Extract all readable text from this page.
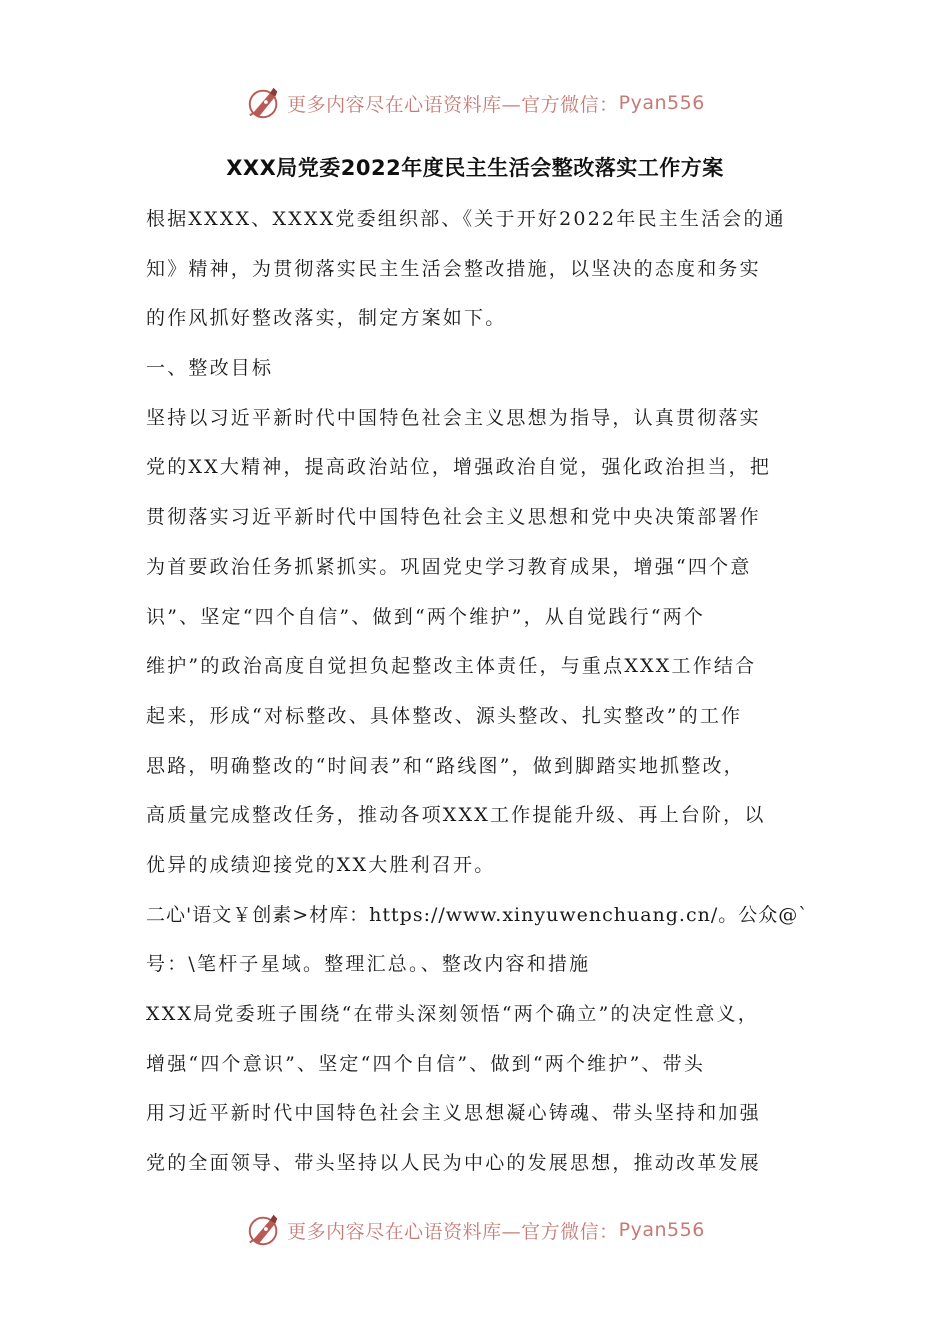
更多内容尽在心语资料库—官方微信： Pyan556
XXX局党委2022年度民主生活会整改落实工作方案
根据XXXX、XXXX党委组织部、《关于开好2022年民主生活会的通
知》精神，为贯彻落实民主生活会整改措施，以坚决的态度和务实
的作风抓好整改落实，制定方案如下。
一、整改目标
坚持以习近平新时代中国特色社会主义思想为指导，认真贯彻落实
党的XX大精神，提高政治站位，增强政治自觉，强化政治担当，把
贯彻落实习近平新时代中国特色社会主义思想和党中央决策部署作
为首要政治任务抓紧抓实。巩固党史学习教育成果，增强“四个意
识”、坚定“四个自信”、做到“两个维护”，从自觉践行“两个
维护”的政治高度自觉担负起整改主体责任，与重点XXX工作结合
起来，形成“对标整改、具体整改、源头整改、扎实整改”的工作
思路，明确整改的“时间表”和“路线图”，做到脚踏实地抓整改，
高质量完成整改任务，推动各项XXX工作提能升级、再上台阶，以
优异的成绩迎接党的XX大胜利召开。
二心'语文￥创素>材库：https://www.xinyuwenchuang.cn/。公众@`
号：\笔杆子星域。整理汇总。、整改内容和措施
XXX局党委班子围绕“在带头深刻领悟“两个确立”的决定性意义，
增强“四个意识”、坚定“四个自信”、做到“两个维护”、带头
用习近平新时代中国特色社会主义思想凝心铸魂、带头坚持和加强
党的全面领导、带头坚持以人民为中心的发展思想，推动改革发展
更多内容尽在心语资料库—官方微信： Pyan556
